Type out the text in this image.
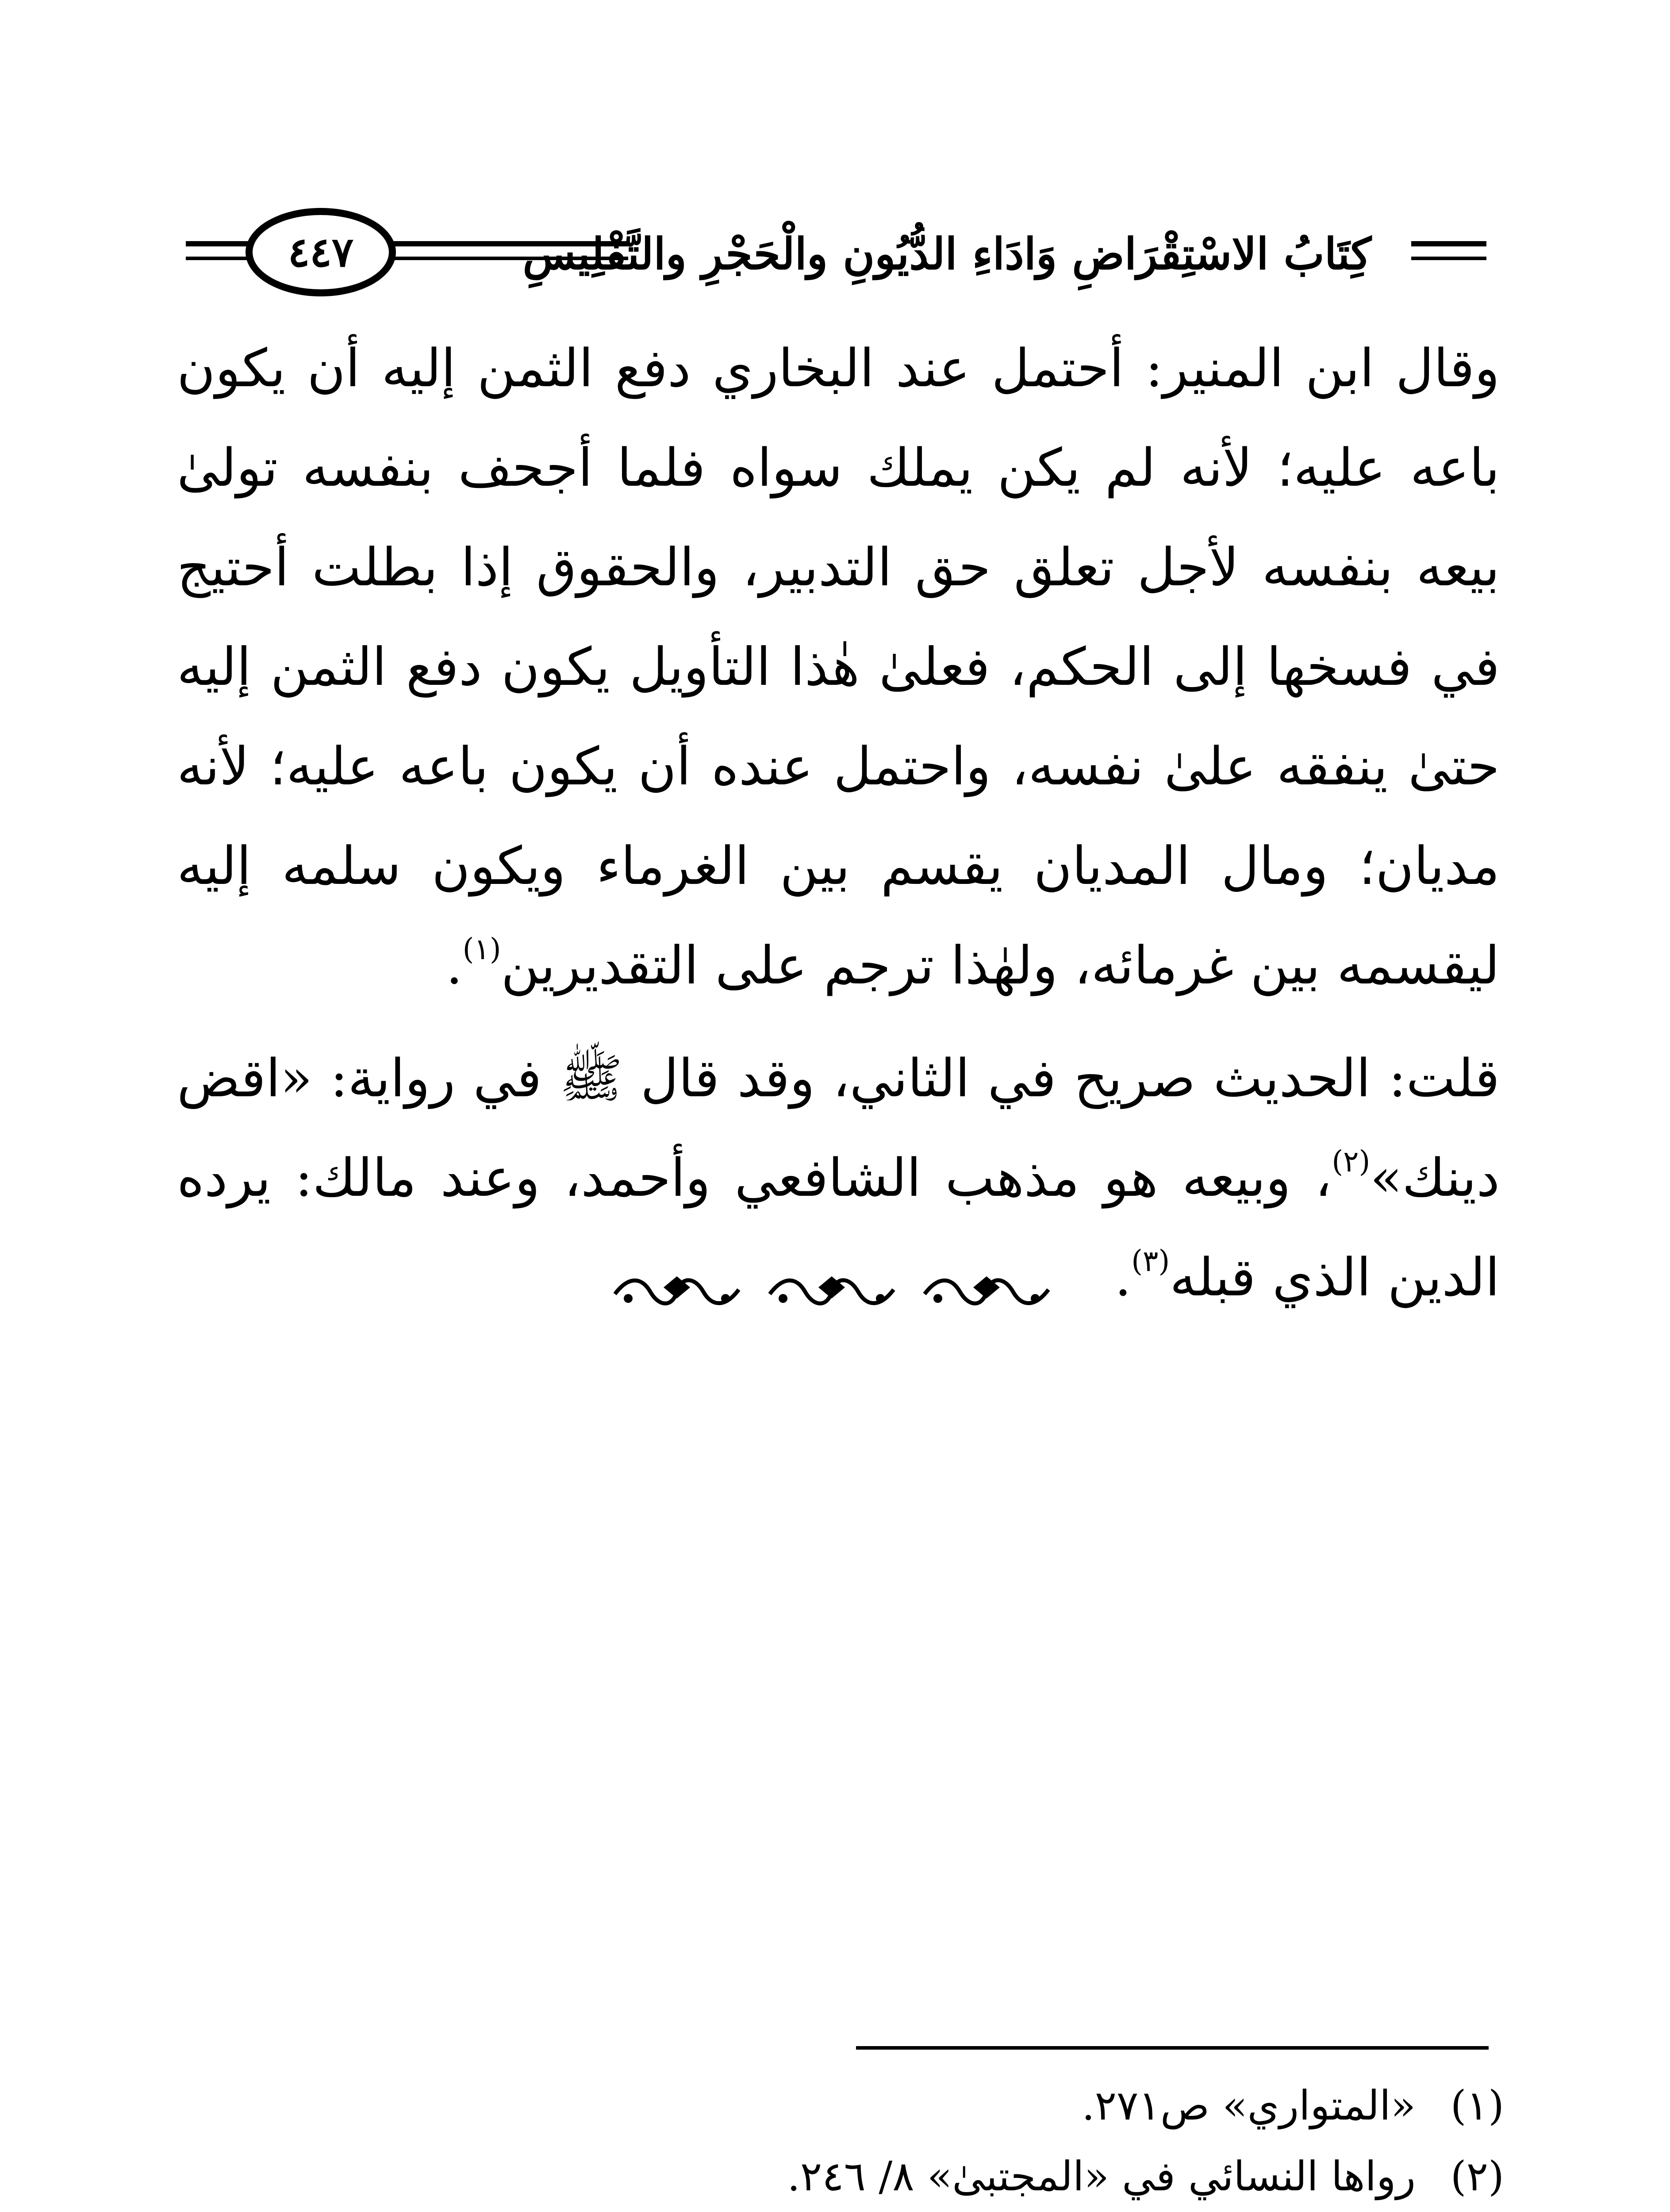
٤٤٧	كِتَابُ الاسْتِقْرَاضِ وَادَاءِ الدُّيُونِ والْحَجْرِ والتَّفْلِيسِ

وقال ابن المنير: أحتمل عند البخاري دفع الثمن إليه أن يكون باعه عليه؛ لأنه لم يكن يملك سواه فلما أجحف بنفسه تولىٰ بيعه بنفسه لأجل تعلق حق التدبير، والحقوق إذا بطلت أحتيج في فسخها إلى الحكم، فعلىٰ هٰذا التأويل يكون دفع الثمن إليه حتىٰ ينفقه علىٰ نفسه، واحتمل عنده أن يكون باعه عليه؛ لأنه مديان؛ ومال المديان يقسم بين الغرماء ويكون سلمه إليه ليقسمه بين غرمائه، ولهٰذا ترجم على التقديرين$^{(١)}$.

قلت: الحديث صريح في الثاني، وقد قال ﷺ في رواية: «اقض دينك»$^{(٢)}$، وبيعه هو مذهب الشافعي وأحمد، وعند مالك: يرده الدين الذي قبله$^{(٣)}$.

(١)
«المتواري» ص٢٧١.
(٢)
رواها النسائي في «المجتبىٰ» ٨/ ٢٤٦.
